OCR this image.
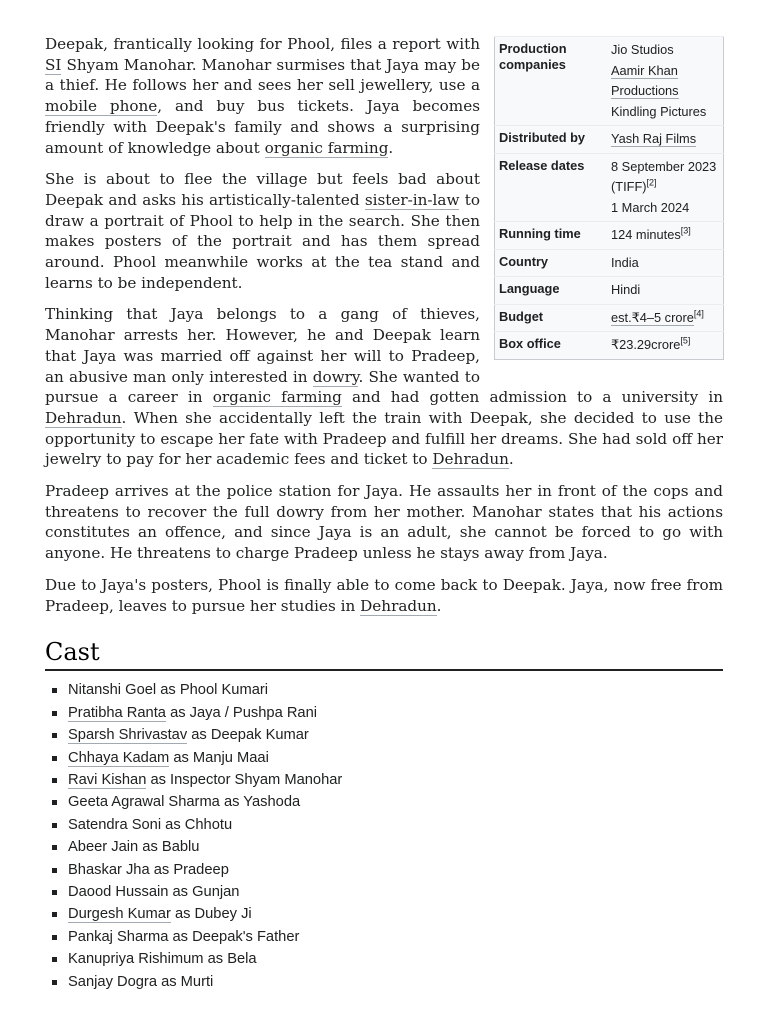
Production companies	Jio Studios
Aamir Khan Productions
Kindling Pictures

Distributed by	Yash Raj Films
Release dates	8 September 2023 (TIFF)[2]
1 March 2024

Running time	124 minutes[3]
Country	India
Language	Hindi
Budget	est.₹4–5 crore[4]
Box office	₹23.29crore[5]

Deepak, frantically looking for Phool, files a report with SI Shyam Manohar. Manohar surmises that Jaya may be a thief. He follows her and sees her sell jewellery, use a mobile phone, and buy bus tickets. Jaya becomes friendly with Deepak's family and shows a surprising amount of knowledge about organic farming.

She is about to flee the village but feels bad about Deepak and asks his artistically-talented sister-in-law to draw a portrait of Phool to help in the search. She then makes posters of the portrait and has them spread around. Phool meanwhile works at the tea stand and learns to be independent.

Thinking that Jaya belongs to a gang of thieves, Manohar arrests her. However, he and Deepak learn that Jaya was married off against her will to Pradeep, an abusive man only interested in dowry. She wanted to pursue a career in organic farming and had gotten admission to a university in Dehradun. When she accidentally left the train with Deepak, she decided to use the opportunity to escape her fate with Pradeep and fulfill her dreams. She had sold off her jewelry to pay for her academic fees and ticket to Dehradun.

Pradeep arrives at the police station for Jaya. He assaults her in front of the cops and threatens to recover the full dowry from her mother. Manohar states that his actions constitutes an offence, and since Jaya is an adult, she cannot be forced to go with anyone. He threatens to charge Pradeep unless he stays away from Jaya.

Due to Jaya's posters, Phool is finally able to come back to Deepak. Jaya, now free from Pradeep, leaves to pursue her studies in Dehradun.

Cast
Nitanshi Goel as Phool Kumari
Pratibha Ranta as Jaya / Pushpa Rani
Sparsh Shrivastav as Deepak Kumar
Chhaya Kadam as Manju Maai
Ravi Kishan as Inspector Shyam Manohar
Geeta Agrawal Sharma as Yashoda
Satendra Soni as Chhotu
Abeer Jain as Bablu
Bhaskar Jha as Pradeep
Daood Hussain as Gunjan
Durgesh Kumar as Dubey Ji
Pankaj Sharma as Deepak's Father
Kanupriya Rishimum as Bela
Sanjay Dogra as Murti
